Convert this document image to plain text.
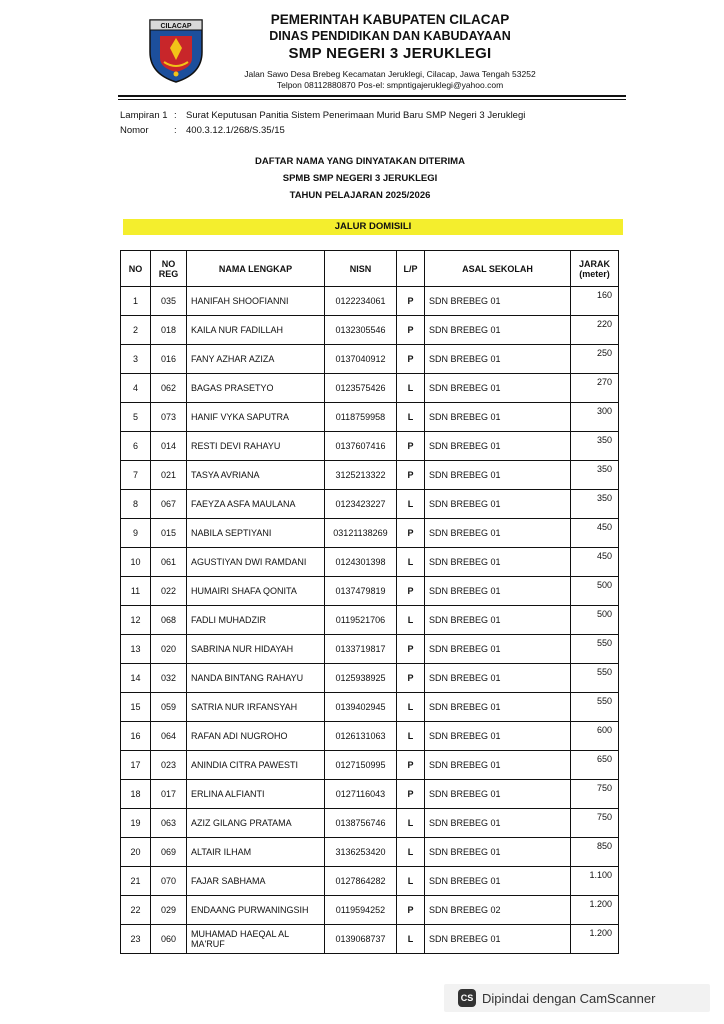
CILACAP	PEMERINTAH KABUPATEN CILACAP
DINAS PENDIDIKAN DAN KABUDAYAAN
SMP NEGERI 3 JERUKLEGI
Jalan Sawo Desa Brebeg Kecamatan Jeruklegi, Cilacap, Jawa Tengah 53252
Telpon 08112880870 Pos-el: smpntigajeruklegi@yahoo.com
Lampiran 1 : Surat Keputusan Panitia Sistem Penerimaan Murid Baru SMP Negeri 3 Jeruklegi
Nomor	: 400.3.12.1/268/S.35/15
DAFTAR NAMA YANG DINYATAKAN DITERIMA
SPMB SMP NEGERI 3 JERUKLEGI
TAHUN PELAJARAN 2025/2026
JALUR DOMISILI
NO	NO REG	NAMA LENGKAP	NISN	L/P	ASAL SEKOLAH	JARAK (meter)
1	035	HANIFAH SHOOFIANNI	0122234061	P	SDN BREBEG 01	160
2	018	KAILA NUR FADILLAH	0132305546	P	SDN BREBEG 01	220
3	016	FANY AZHAR AZIZA	0137040912	P	SDN BREBEG 01	250
4	062	BAGAS PRASETYO	0123575426	L	SDN BREBEG 01	270
5	073	HANIF VYKA SAPUTRA	0118759958	L	SDN BREBEG 01	300
6	014	RESTI DEVI RAHAYU	0137607416	P	SDN BREBEG 01	350
7	021	TASYA AVRIANA	3125213322	P	SDN BREBEG 01	350
8	067	FAEYZA ASFA MAULANA	0123423227	L	SDN BREBEG 01	350
9	015	NABILA SEPTIYANI	03121138269	P	SDN BREBEG 01	450
10	061	AGUSTIYAN DWI RAMDANI	0124301398	L	SDN BREBEG 01	450
11	022	HUMAIRI SHAFA QONITA	0137479819	P	SDN BREBEG 01	500
12	068	FADLI MUHADZIR	0119521706	L	SDN BREBEG 01	500
13	020	SABRINA NUR HIDAYAH	0133719817	P	SDN BREBEG 01	550
14	032	NANDA BINTANG RAHAYU	0125938925	P	SDN BREBEG 01	550
15	059	SATRIA NUR IRFANSYAH	0139402945	L	SDN BREBEG 01	550
16	064	RAFAN ADI NUGROHO	0126131063	L	SDN BREBEG 01	600
17	023	ANINDIA CITRA PAWESTI	0127150995	P	SDN BREBEG 01	650
18	017	ERLINA ALFIANTI	0127116043	P	SDN BREBEG 01	750
19	063	AZIZ GILANG PRATAMA	0138756746	L	SDN BREBEG 01	750
20	069	ALTAIR ILHAM	3136253420	L	SDN BREBEG 01	850
21	070	FAJAR SABHAMA	0127864282	L	SDN BREBEG 01	1.100
22	029	ENDAANG PURWANINGSIH	0119594252	P	SDN BREBEG 02	1.200
23	060	MUHAMAD HAEQAL AL MA'RUF	0139068737	L	SDN BREBEG 01	1.200
CS Dipindai dengan CamScanner
